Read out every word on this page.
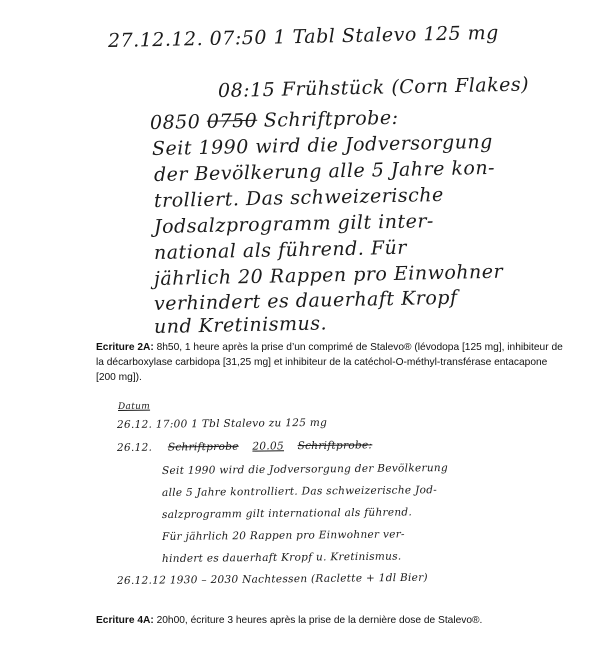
27.12.12. 07:50 1 Tabl Stalevo 125 mg
08:15 Frühstück (Corn Flakes)
0850 0750 Schriftprobe:
Seit 1990 wird die Jodversorgung
der Bevölkerung alle 5 Jahre kon-
trolliert. Das schweizerische
Jodsalzprogramm gilt inter-
national als führend. Für
jährlich 20 Rappen pro Einwohner
verhindert es dauerhaft Kropf
und Kretinismus.
Ecriture 2A: 8h50, 1 heure après la prise d’un comprimé de Stalevo® (lévodopa [125 mg], inhibiteur de la décarboxylase carbidopa [31,25 mg] et inhibiteur de la catéchol-O-méthyl-transférase entacapone [200 mg]).
Datum
26.12. 17:00 1 Tbl Stalevo zu 125 mg
26.12. Schriftprobe 20.05 Schriftprobe:
Seit 1990 wird die Jodversorgung der Bevölkerung
alle 5 Jahre kontrolliert. Das schweizerische Jod-
salzprogramm gilt international als führend.
Für jährlich 20 Rappen pro Einwohner ver-
hindert es dauerhaft Kropf u. Kretinismus.
26.12.12 1930 – 2030 Nachtessen (Raclette + 1dl Bier)
Ecriture 4A: 20h00, écriture 3 heures après la prise de la dernière dose de Stalevo®.
